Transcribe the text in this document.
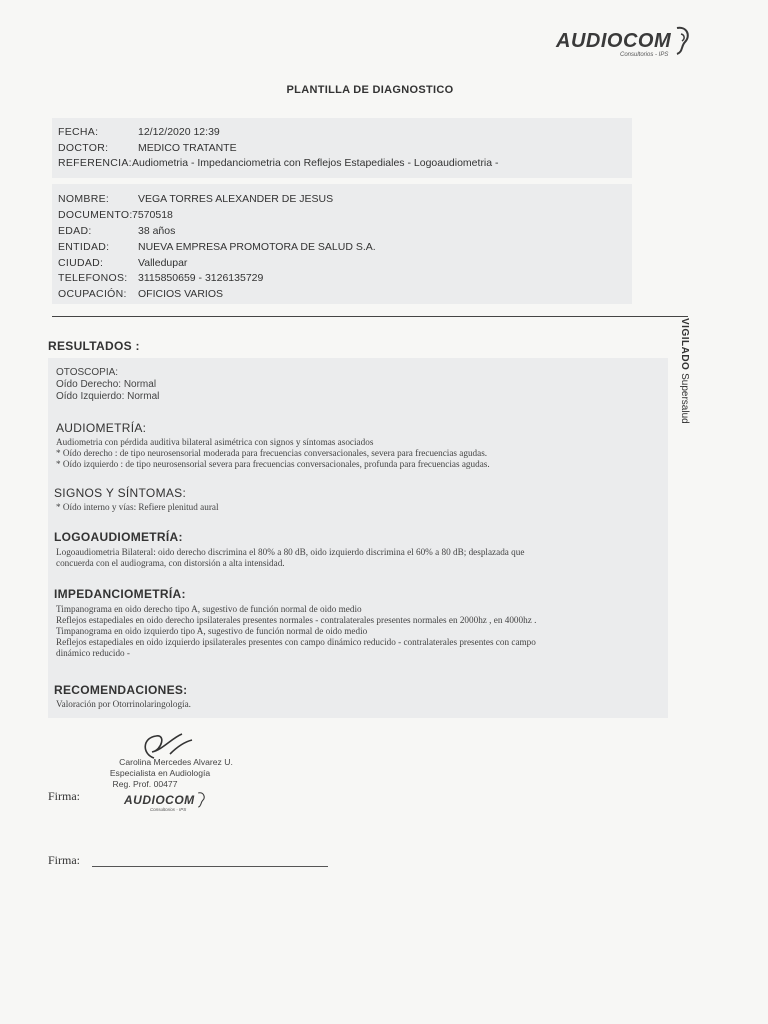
AUDIOCOM
Consultorios - IPS
PLANTILLA DE DIAGNOSTICO
FECHA:	12/12/2020 12:39
DOCTOR:	MEDICO TRATANTE
REFERENCIA: Audiometria - Impedanciometria con Reflejos Estapediales - Logoaudiometria -
NOMBRE:	VEGA TORRES ALEXANDER DE JESUS
DOCUMENTO: 7570518
EDAD:	38 años
ENTIDAD:	NUEVA EMPRESA PROMOTORA DE SALUD S.A.
CIUDAD:	Valledupar
TELEFONOS: 3115850659 - 3126135729
OCUPACIÓN: OFICIOS VARIOS
VIGILADO Supersalud
RESULTADOS :
OTOSCOPIA:
Oído Derecho: Normal
Oído Izquierdo: Normal
AUDIOMETRÍA:
Audiometria con pérdida auditiva bilateral asimétrica con signos y síntomas asociados
* Oído derecho : de tipo neurosensorial moderada para frecuencias conversacionales, severa para frecuencias agudas.
* Oído izquierdo : de tipo neurosensorial severa para frecuencias conversacionales, profunda para frecuencias agudas.
SIGNOS Y SÍNTOMAS:
* Oído interno y vías: Refiere plenitud aural
LOGOAUDIOMETRÍA:
Logoaudiometria Bilateral: oido derecho discrimina el 80% a 80 dB, oido izquierdo discrimina el 60% a 80 dB; desplazada que
concuerda con el audiograma, con distorsión a alta intensidad.
IMPEDANCIOMETRÍA:
Timpanograma en oido derecho tipo A, sugestivo de función normal de oido medio
Reflejos estapediales en oido derecho ipsilaterales presentes normales - contralaterales presentes normales en 2000hz , en 4000hz .
Timpanograma en oido izquierdo tipo A, sugestivo de función normal de oido medio
Reflejos estapediales en oido izquierdo ipsilaterales presentes con campo dinámico reducido - contralaterales presentes con campo
dinámico reducido -
RECOMENDACIONES:
Valoración por Otorrinolaringología.
Carolina Mercedes Alvarez U.
Especialista en Audiología
Reg. Prof. 00477
AUDIOCOM
Consultorios - IPS
Firma:
Firma:
